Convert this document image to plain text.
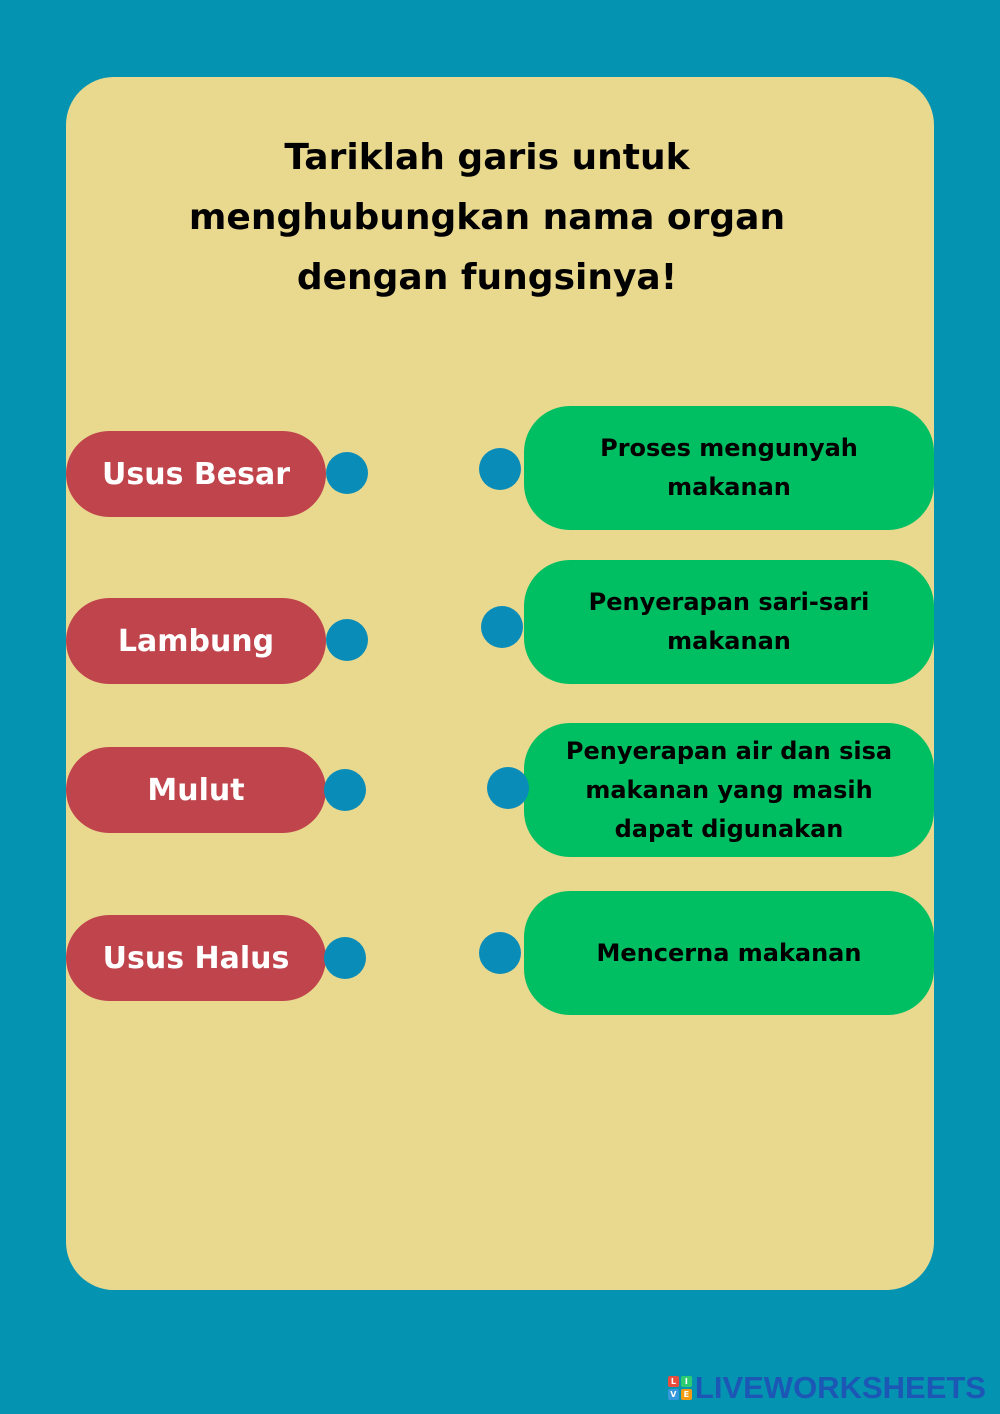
Tariklah garis untuk
menghubungkan nama organ
dengan fungsinya!
Usus Besar
Lambung
Mulut
Usus Halus
Proses mengunyah
makanan
Penyerapan sari-sari
makanan
Penyerapan air dan sisa
makanan yang masih
dapat digunakan
Mencerna makanan
L	I
V E LIVEWORKSHEETS
